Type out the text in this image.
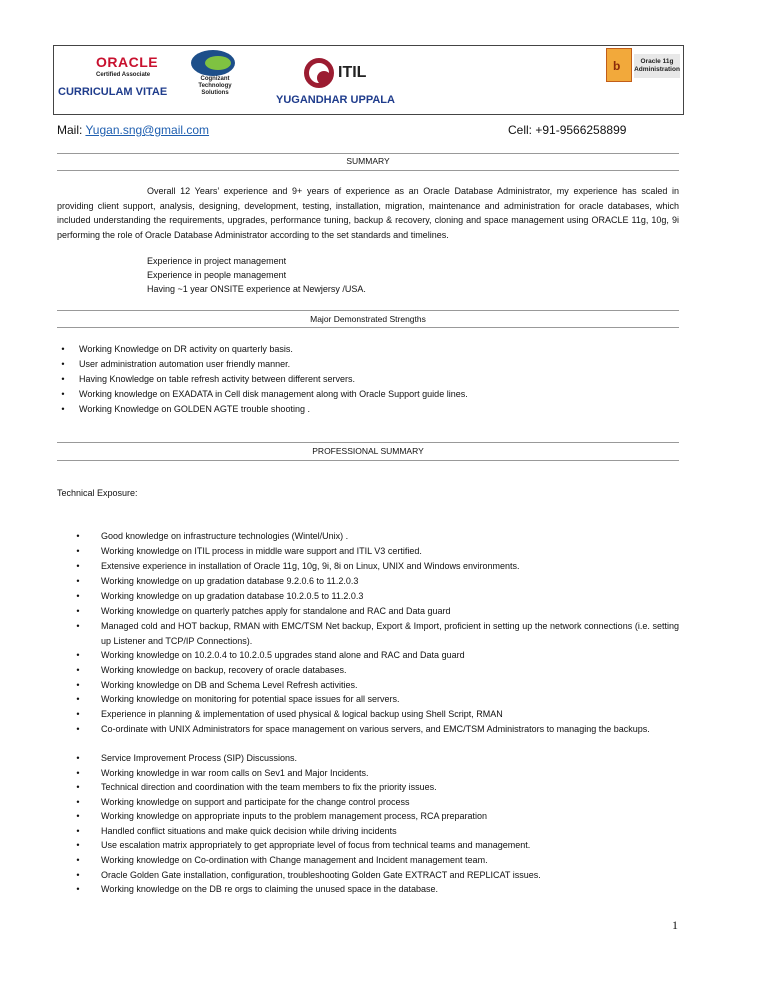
ORACLE
Certified Associate
Cognizant Technology Solutions
CURRICULAM VITAE
ITIL
YUGANDHAR UPPALA
b	Oracle 11g Administration
Mail: Yugan.sng@gmail.com	Cell: +91-9566258899
SUMMARY
Overall 12 Years’ experience and 9+ years of experience as an Oracle Database Administrator, my experience has scaled in providing client support, analysis, designing, development, testing, installation, migration, maintenance and administration for oracle databases, which included understanding the requirements, upgrades, performance tuning, backup & recovery, cloning and space management using ORACLE 11g, 10g, 9i performing the role of Oracle Database Administrator according to the set standards and timelines.
Experience in project management
Experience in people management
Having ~1 year ONSITE experience at Newjersy /USA.
Major Demonstrated Strengths
• Working Knowledge on DR activity on quarterly basis.
• User administration automation user friendly manner.
• Having Knowledge on table refresh activity between different servers.
• Working knowledge on EXADATA in Cell disk management along with Oracle Support guide lines.
• Working Knowledge on GOLDEN AGTE trouble shooting .
PROFESSIONAL SUMMARY
Technical Exposure:
• Good knowledge on infrastructure technologies (Wintel/Unix) .
• Working knowledge on ITIL process in middle ware support and ITIL V3 certified.
• Extensive experience in installation of Oracle 11g, 10g, 9i, 8i on Linux, UNIX and Windows environments.
• Working knowledge on up gradation database 9.2.0.6 to 11.2.0.3
• Working knowledge on up gradation database 10.2.0.5 to 11.2.0.3
• Working knowledge on quarterly patches apply for standalone and RAC and Data guard
• Managed cold and HOT backup, RMAN with EMC/TSM Net backup, Export & Import, proficient in setting up the network connections (i.e. setting up Listener and TCP/IP Connections).
• Working knowledge on 10.2.0.4 to 10.2.0.5 upgrades stand alone and RAC and Data guard
• Working knowledge on backup, recovery of oracle databases.
• Working knowledge on DB and Schema Level Refresh activities.
• Working knowledge on monitoring for potential space issues for all servers.
• Experience in planning & implementation of used physical & logical backup using Shell Script, RMAN
• Co-ordinate with UNIX Administrators for space management on various servers, and EMC/TSM Administrators to managing the backups.
• Service Improvement Process (SIP) Discussions.
• Working knowledge in war room calls on Sev1 and Major Incidents.
• Technical direction and coordination with the team members to fix the priority issues.
• Working knowledge on support and participate for the change control process
• Working knowledge on appropriate inputs to the problem management process, RCA preparation
• Handled conflict situations and make quick decision while driving incidents
• Use escalation matrix appropriately to get appropriate level of focus from technical teams and management.
• Working knowledge on Co-ordination with Change management and Incident management team.
• Oracle Golden Gate installation, configuration, troubleshooting Golden Gate EXTRACT and REPLICAT issues.
• Working knowledge on the DB re orgs to claiming the unused space in the database.
1
